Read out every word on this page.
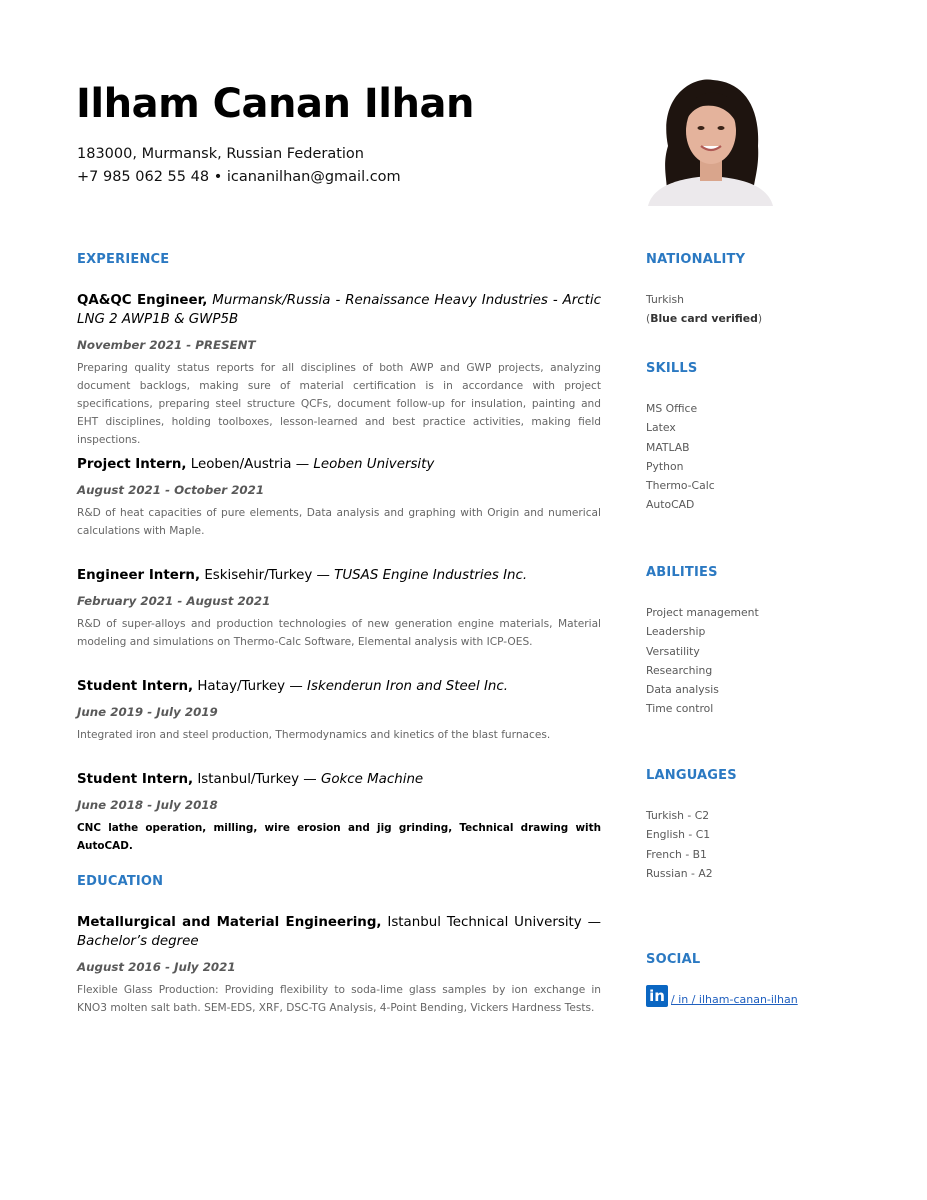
Ilham Canan Ilhan
183000, Murmansk, Russian Federation
+7 985 062 55 48 • icananilhan@gmail.com
EXPERIENCE
QA&QC Engineer, Murmansk/Russia - Renaissance Heavy Industries - Arctic LNG 2 AWP1B & GWP5B
November 2021 - PRESENT
Preparing quality status reports for all disciplines of both AWP and GWP projects, analyzing document backlogs, making sure of material certification is in accordance with project specifications, preparing steel structure QCFs, document follow-up for insulation, painting and EHT disciplines, holding toolboxes, lesson-learned and best practice activities, making field inspections.
Project Intern, Leoben/Austria — Leoben University
August 2021 - October 2021
R&D of heat capacities of pure elements, Data analysis and graphing with Origin and numerical calculations with Maple.
Engineer Intern, Eskisehir/Turkey — TUSAS Engine Industries Inc.
February 2021 - August 2021
R&D of super-alloys and production technologies of new generation engine materials, Material modeling and simulations on Thermo-Calc Software, Elemental analysis with ICP-OES.
Student Intern, Hatay/Turkey — Iskenderun Iron and Steel Inc.
June 2019 - July 2019
Integrated iron and steel production, Thermodynamics and kinetics of the blast furnaces.
Student Intern, Istanbul/Turkey — Gokce Machine
June 2018 - July 2018
CNC lathe operation, milling, wire erosion and jig grinding, Technical drawing with AutoCAD.
EDUCATION
Metallurgical and Material Engineering, Istanbul Technical University — Bachelor’s degree
August 2016 - July 2021
Flexible Glass Production: Providing flexibility to soda-lime glass samples by ion exchange in KNO3 molten salt bath. SEM-EDS, XRF, DSC-TG Analysis, 4-Point Bending, Vickers Hardness Tests.
NATIONALITY
Turkish
(Blue card verified)
SKILLS
MS Office
Latex
MATLAB
Python
Thermo-Calc
AutoCAD
ABILITIES
Project management
Leadership
Versatility
Researching
Data analysis
Time control
LANGUAGES
Turkish - C2
English - C1
French - B1
Russian - A2
SOCIAL
in / in / ilham-canan-ilhan
